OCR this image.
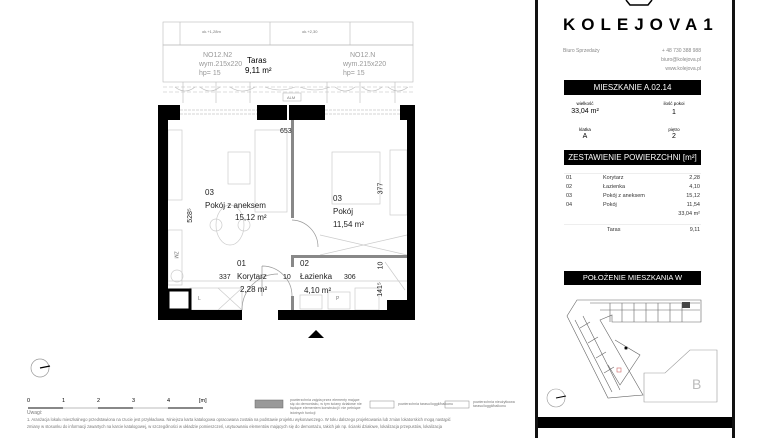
ok.+1,28m	ok.+2,30
NO12.N2
wym.215x220
hp= 15
NO12.N
wym.215x220
hp= 15
Taras
9,11 m²
ALM
03
Pokój z aneksem
15,12 m²
03
Pokój
11,54 m²
01
Korytarz
2,28 m²
02
Łazienka
4,10 m²
653
528⁵
377
337	10	306
10
141⁵
ZM
L	P
0	1	2	3	4	[m]	powierzchnia zajęta przez elementy mające się do demontażu, w tym ściany działowe nie będące elementem konstrukcji i nie pełniące istotnych funkcji
powierzchnia tarasu/loggii/balkonu	powierzchnia nieużytkowa tarasu/loggii/balkonu
Uwagi:
1. Aranżacja lokalu mieszkalnego przedstawiona na rzucie jest przykładowa. Niniejsza karta katalogowa opracowana została na podstawie projektu wykonawczego. W toku dalszego projektowania lub zmian lokatorskich mogą nastąpić
zmiany w stosunku do informacji zawartych na karcie katalogowej, w szczególności w układzie pomieszczeń, usytuowaniu elementów mających się do demontażu, takich jak np. ścianki działowe, lokalizacja przepustów, lokalizacja
KOLEJOVA1
Biuro Sprzedaży	+ 48 730 388 988
biuro@kolejova.pl
www.kolejova.pl
MIESZKANIE A.02.14
wielkość
33,04 m²
ilość pokoi
1
klatka
A
piętro
2
ZESTAWIENIE POWIERZCHNI [m²]
01	Korytarz	2,28
02	Łazienka	4,10
03	Pokój z aneksem	15,12
04	Pokój	11,54
33,04 m²
Taras	9,11
POŁOŻENIE MIESZKANIA W BUDYNKU
B
